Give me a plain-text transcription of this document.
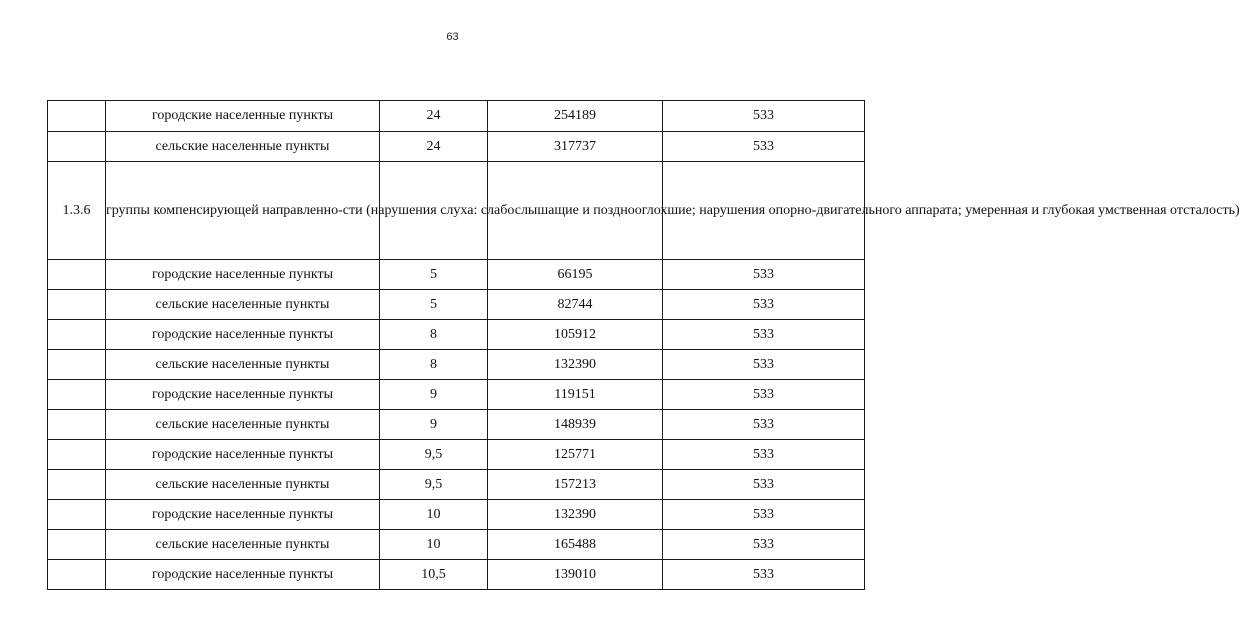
63
	городские населенные пункты	24	254189	533
	сельские населенные пункты	24	317737	533
1.3.6	группы компенсирующей направленно-сти (нарушения слуха: слабослышащие и позднооглохшие; нарушения опорно-двигательного аппарата; умеренная и глубокая умственная отсталость)			
	городские населенные пункты	5	66195	533
	сельские населенные пункты	5	82744	533
	городские населенные пункты	8	105912	533
	сельские населенные пункты	8	132390	533
	городские населенные пункты	9	119151	533
	сельские населенные пункты	9	148939	533
	городские населенные пункты	9,5	125771	533
	сельские населенные пункты	9,5	157213	533
	городские населенные пункты	10	132390	533
	сельские населенные пункты	10	165488	533
	городские населенные пункты	10,5	139010	533
